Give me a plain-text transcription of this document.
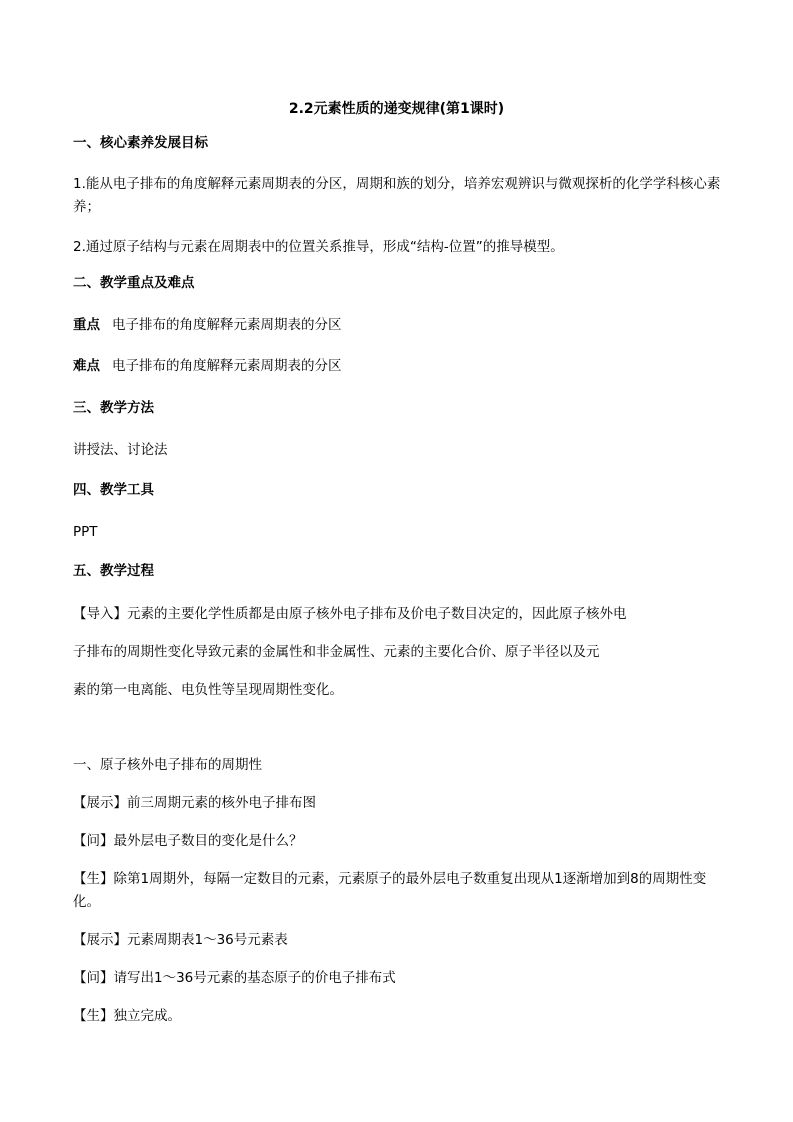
2.2元素性质的递变规律(第1课时)
一、核心素养发展目标
1.能从电子排布的角度解释元素周期表的分区，周期和族的划分，培养宏观辨识与微观探析的化学学科核心素养；
2.通过原子结构与元素在周期表中的位置关系推导，形成“结构-位置”的推导模型。
二、教学重点及难点
重点 电子排布的角度解释元素周期表的分区
难点 电子排布的角度解释元素周期表的分区
三、教学方法
讲授法、讨论法
四、教学工具
PPT
五、教学过程
【导入】元素的主要化学性质都是由原子核外电子排布及价电子数目决定的，因此原子核外电
子排布的周期性变化导致元素的金属性和非金属性、元素的主要化合价、原子半径以及元
素的第一电离能、电负性等呈现周期性变化。
一、原子核外电子排布的周期性
【展示】前三周期元素的核外电子排布图
【问】最外层电子数目的变化是什么？
【生】除第1周期外，每隔一定数目的元素，元素原子的最外层电子数重复出现从1逐渐增加到8的周期性变化。
【展示】元素周期表1～36号元素表
【问】请写出1～36号元素的基态原子的价电子排布式
【生】独立完成。
